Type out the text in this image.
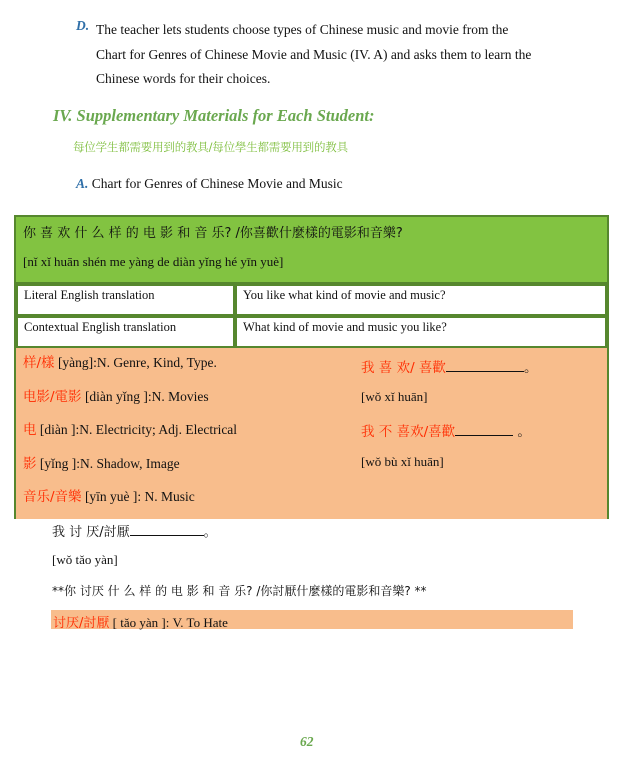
D. The teacher lets students choose types of Chinese music and movie from the
Chart for Genres of Chinese Movie and Music (IV. A) and asks them to learn the
Chinese words for their choices.
IV. Supplementary Materials for Each Student:
每位学生都需要用到的教具/每位學生都需要用到的教具
A. Chart for Genres of Chinese Movie and Music
你 喜 欢 什 么 样 的 电 影 和 音 乐? /你喜歡什麼樣的電影和音樂?
[nǐ xǐ huān shén me yàng de diàn yǐng hé yīn yuè]
Literal English translation	You like what kind of movie and music?
Contextual English translation	What kind of movie and music you like?
样/樣 [yàng]:N. Genre, Kind, Type.
电影/電影 [diàn yǐng ]:N. Movies
电 [diàn ]:N. Electricity; Adj. Electrical
影 [yǐng ]:N. Shadow, Image
音乐/音樂 [yīn yuè ]: N. Music
我 喜 欢/ 喜歡	。
[wǒ xǐ huān]
我 不 喜欢/喜歡	。
[wǒ bù xǐ huān]
我 讨 厌/討厭	。
[wǒ tǎo yàn]
**你 讨厌 什 么 样 的 电 影 和 音 乐? /你討厭什麼樣的電影和音樂? **
讨厌/討厭 [ tǎo yàn ]: V. To Hate
62
